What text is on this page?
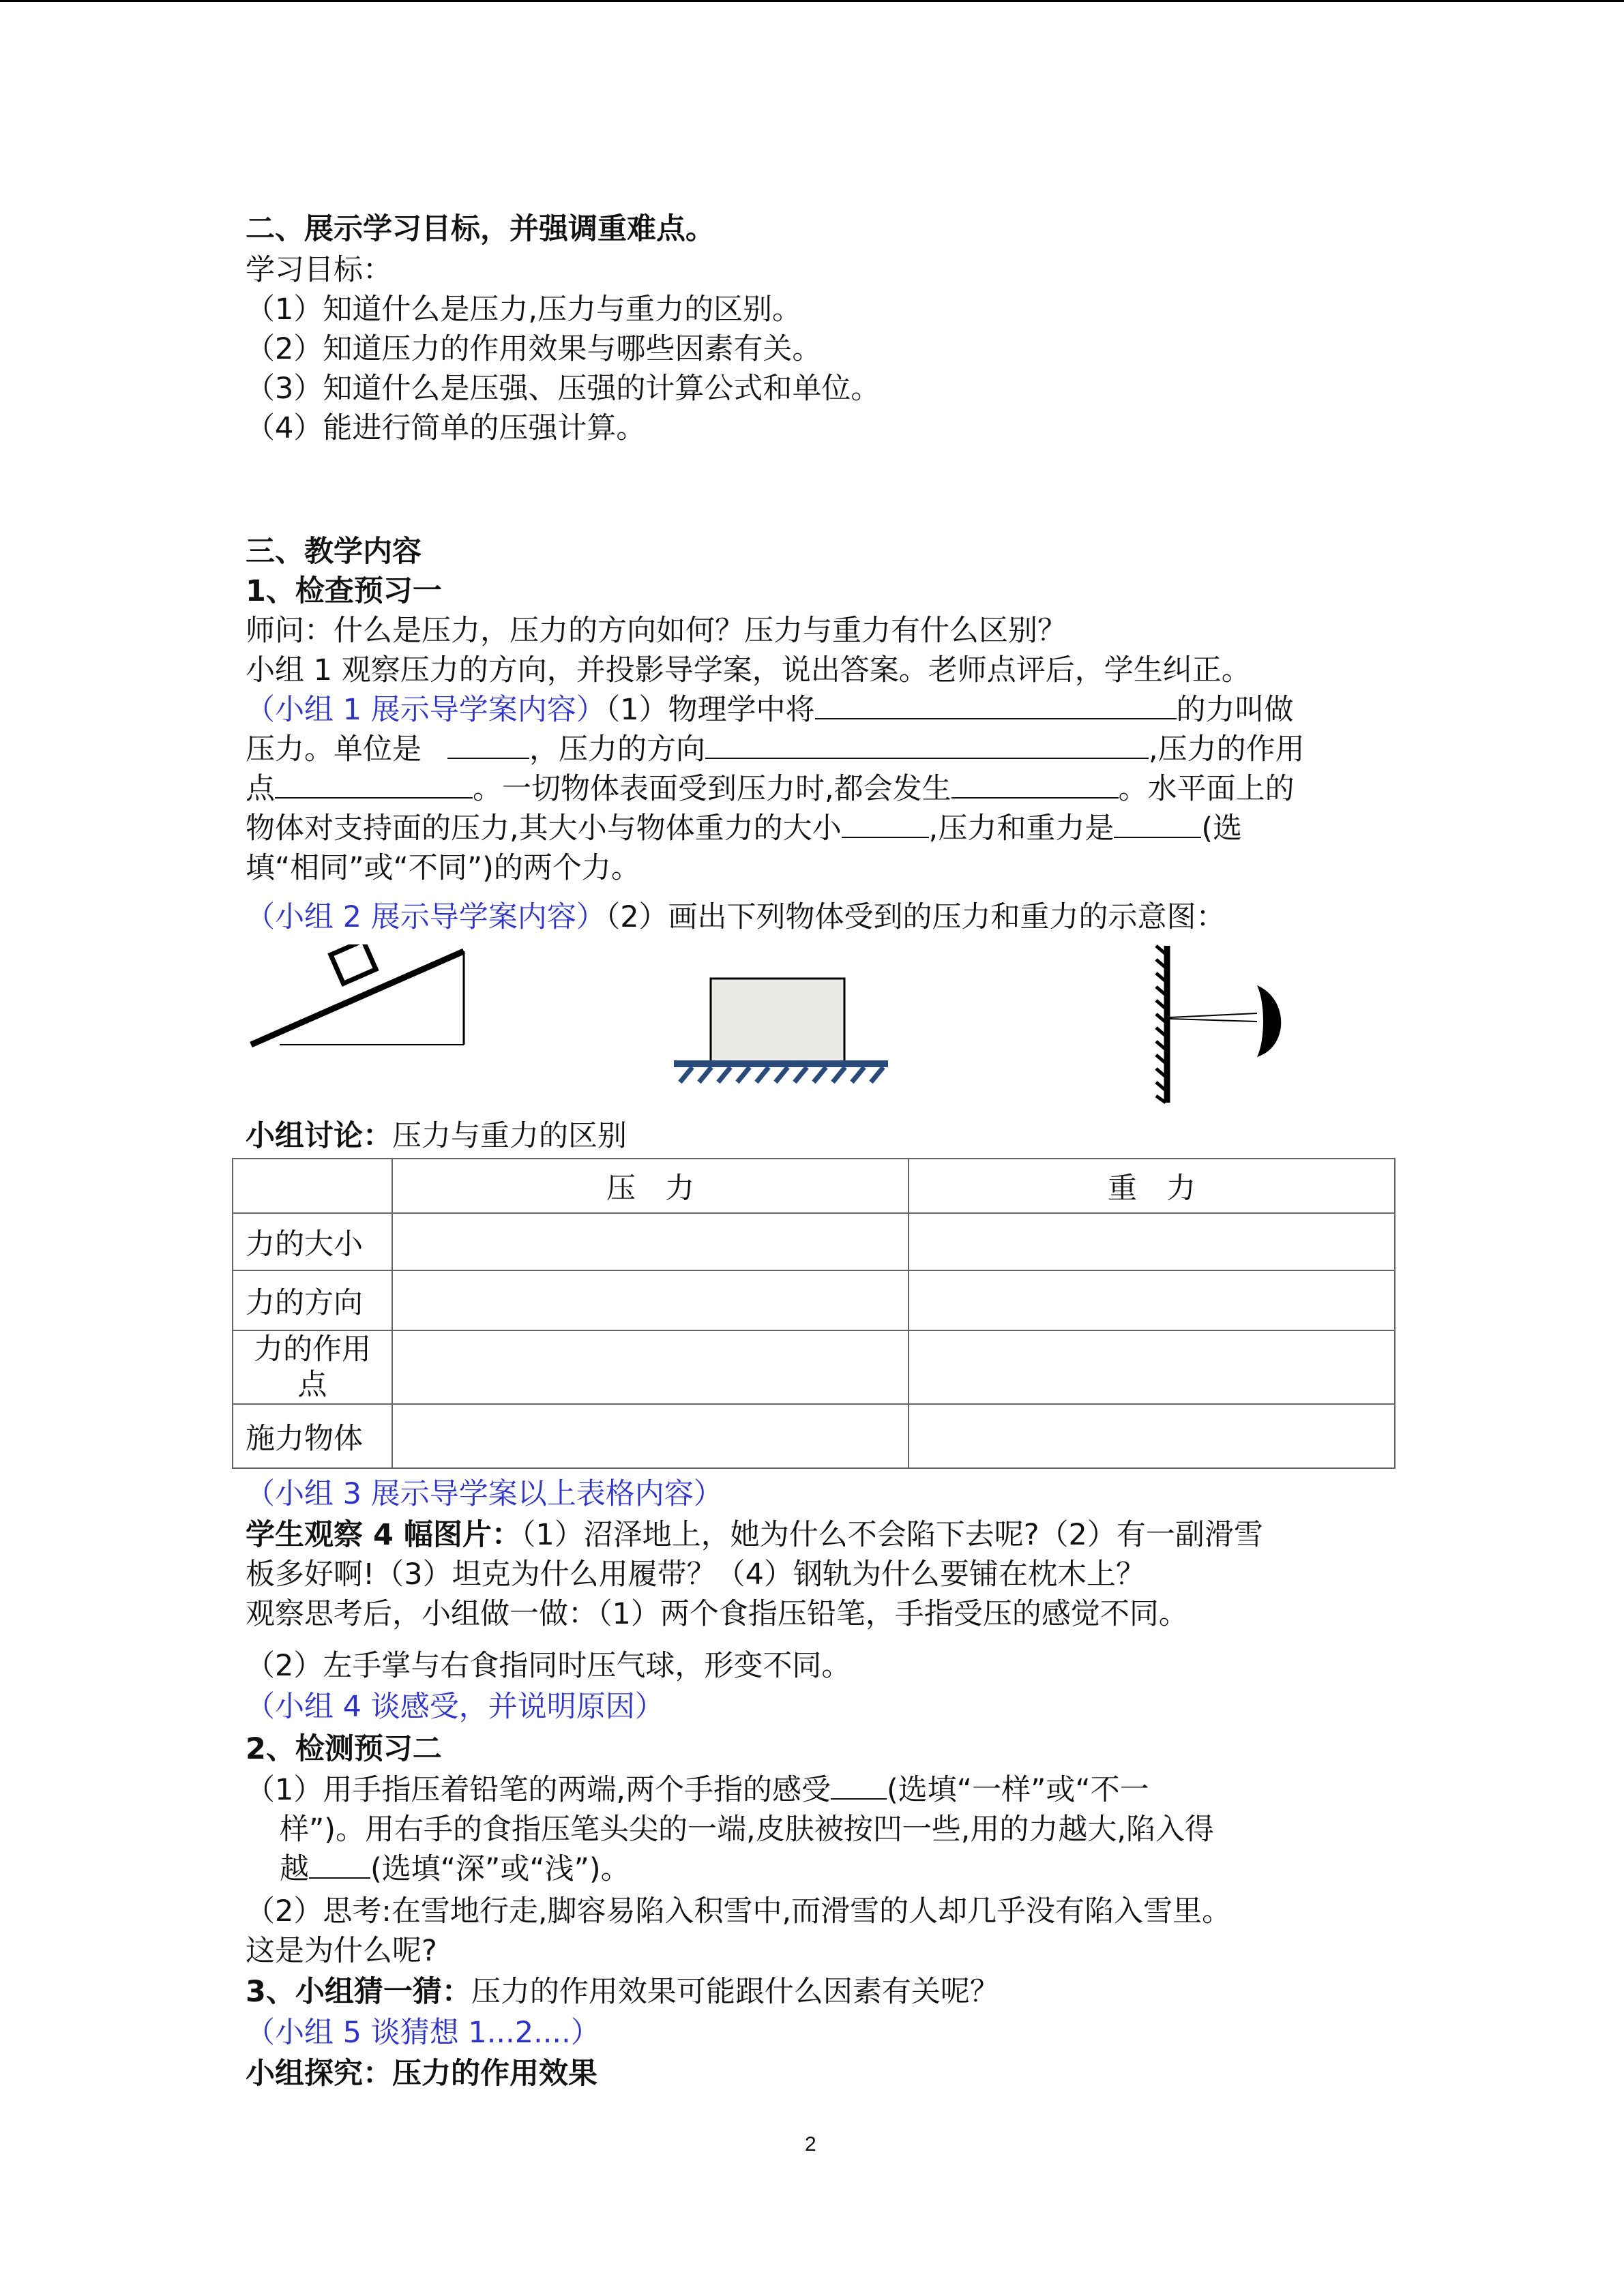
二、展示学习目标，并强调重难点。
学习目标：
（1）知道什么是压力,压力与重力的区别。
（2）知道压力的作用效果与哪些因素有关。
（3）知道什么是压强、压强的计算公式和单位。
（4）能进行简单的压强计算。
三、教学内容
1、检查预习一
师问：什么是压力，压力的方向如何？压力与重力有什么区别？
小组 1 观察压力的方向，并投影导学案，说出答案。老师点评后，学生纠正。
（小组 1 展示导学案内容）（1）物理学中将	的力叫做
压力。单位是	，压力的方向	,压力的作用
点	。一切物体表面受到压力时,都会发生	。水平面上的
物体对支持面的压力,其大小与物体重力的大小	,压力和重力是	(选
填“相同”或“不同”)的两个力。
（小组 2 展示导学案内容）（2）画出下列物体受到的压力和重力的示意图：
小组讨论：压力与重力的区别
	压　力	重　力
力的大小		
力的方向		
力的作用点		
施力物体		
（小组 3 展示导学案以上表格内容）
学生观察 4 幅图片：（1）沼泽地上，她为什么不会陷下去呢?（2）有一副滑雪
板多好啊!（3）坦克为什么用履带？（4）钢轨为什么要铺在枕木上？
观察思考后，小组做一做：（1）两个食指压铅笔，手指受压的感觉不同。
（2）左手掌与右食指同时压气球，形变不同。
（小组 4 谈感受，并说明原因）
2、检测预习二
（1）用手指压着铅笔的两端,两个手指的感受 (选填“一样”或“不一
样”)。用右手的食指压笔头尖的一端,皮肤被按凹一些,用的力越大,陷入得
越 (选填“深”或“浅”)。
（2）思考:在雪地行走,脚容易陷入积雪中,而滑雪的人却几乎没有陷入雪里。
这是为什么呢?
3、小组猜一猜：压力的作用效果可能跟什么因素有关呢？
（小组 5 谈猜想 1...2....）
小组探究：压力的作用效果
2
